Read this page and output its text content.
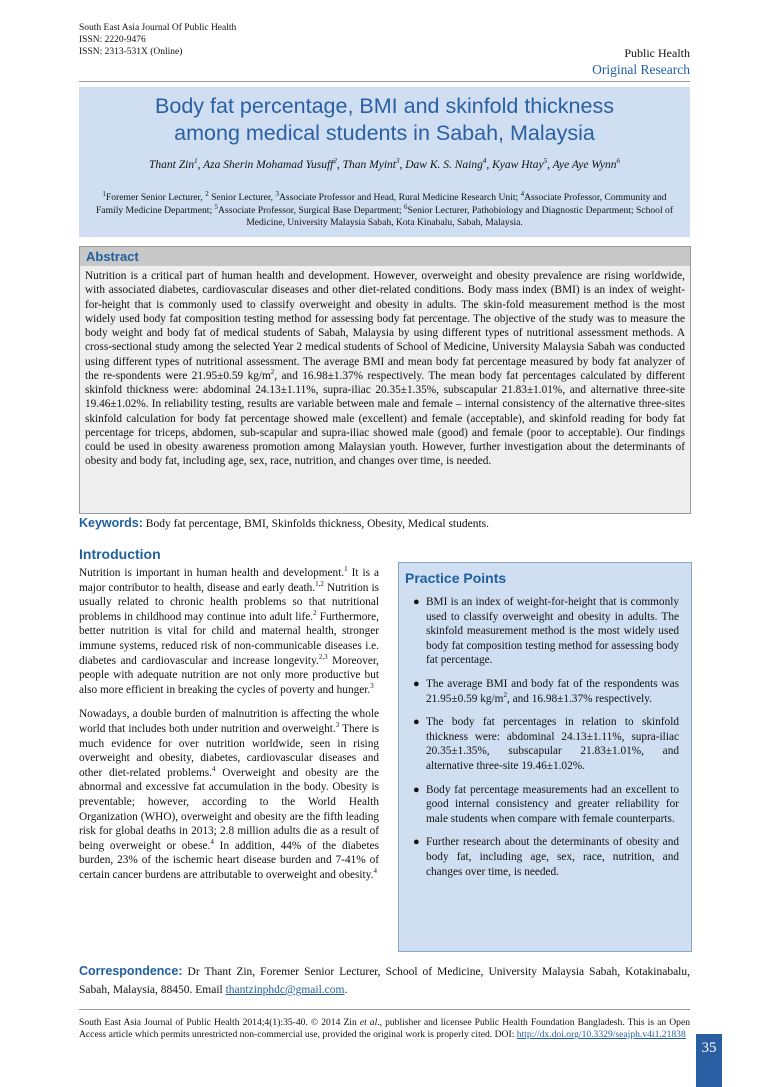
South East Asia Journal Of Public Health
ISSN: 2220-9476
ISSN: 2313-531X (Online)	Public Health
Original Research
Body fat percentage, BMI and skinfold thickness
among medical students in Sabah, Malaysia
Thant Zin$^1$, Aza Sherin Mohamad Yusuff$^2$, Than Myint$^3$, Daw K. S. Naing$^4$, Kyaw Htay$^5$, Aye Aye Wynn$^6$
$^1$Foremer Senior Lecturer, $^2$ Senior Lecturer, $^3$Associate Professor and Head, Rural Medicine Research Unit; $^4$Associate Professor, Community and Family Medicine Department; $^5$Associate Professor, Surgical Base Department; $^6$Senior Lecturer, Pathobiology and Diagnostic Department; School of Medicine, University Malaysia Sabah, Kota Kinabalu, Sabah, Malaysia.
Abstract
Nutrition is a critical part of human health and development. However, overweight and obesity prevalence are rising worldwide, with associated diabetes, cardiovascular diseases and other diet-related conditions. Body mass index (BMI) is an index of weight-for-height that is commonly used to classify overweight and obesity in adults. The skin-fold measurement method is the most widely used body fat composition testing method for assessing body fat percentage. The objective of the study was to measure the body weight and body fat of medical students of Sabah, Malaysia by using different types of nutritional assessment methods. A cross-sectional study among the selected Year 2 medical students of School of Medicine, University Malaysia Sabah was conducted using different types of nutritional assessment. The average BMI and mean body fat percentage measured by body fat analyzer of the re-spondents were 21.95±0.59 $kg/m^2$, and 16.98±1.37% respectively. The mean body fat percentages calculated by different skinfold thickness were: abdominal 24.13±1.11%, supra-iliac 20.35±1.35%, subscapular 21.83±1.01%, and alternative three-site 19.46±1.02%. In reliability testing, results are variable between male and female – internal consistency of the alternative three-sites skinfold calculation for body fat percentage showed male (excellent) and female (acceptable), and skinfold reading for body fat percentage for triceps, abdomen, sub-scapular and supra-iliac showed male (good) and female (poor to acceptable). Our findings could be used in obesity awareness promotion among Malaysian youth. However, further investigation about the determinants of obesity and body fat, including age, sex, race, nutrition, and changes over time, is needed.
Keywords: Body fat percentage, BMI, Skinfolds thickness, Obesity, Medical students.
Introduction

Nutrition is important in human health and development.$^1$ It is a major contributor to health, disease and early death.$^{1,2}$ Nutrition is usually related to chronic health problems so that nutritional problems in childhood may continue into adult life.$^2$ Furthermore, better nutrition is vital for child and maternal health, stronger immune systems, reduced risk of non-communicable diseases i.e. diabetes and cardiovascular and increase longevity.$^{2,3}$ Moreover, people with adequate nutrition are not only more productive but also more efficient in breaking the cycles of poverty and hunger.$^3$

Nowadays, a double burden of malnutrition is affecting the whole world that includes both under nutrition and overweight.$^3$ There is much evidence for over nutrition worldwide, seen in rising overweight and obesity, diabetes, cardiovascular diseases and other diet-related problems.$^4$ Overweight and obesity are the abnormal and excessive fat accumulation in the body. Obesity is preventable; however, according to the World Health Organization (WHO), overweight and obesity are the fifth leading risk for global deaths in 2013; 2.8 million adults die as a result of being overweight or obese.$^4$ In addition, 44% of the diabetes burden, 23% of the ischemic heart disease burden and 7-41% of certain cancer burdens are attributable to overweight and obesity.$^4$

Practice Points
● BMI is an index of weight-for-height that is commonly used to classify overweight and obesity in adults. The skinfold measurement method is the most widely used body fat composition testing method for assessing body fat percentage.
● The average BMI and body fat of the respondents was 21.95±0.59 $kg/m^2$, and 16.98±1.37% respectively.
● The body fat percentages in relation to skinfold thickness were: abdominal 24.13±1.11%, supra-iliac 20.35±1.35%, subscapular 21.83±1.01%, and alternative three-site 19.46±1.02%.
● Body fat percentage measurements had an excellent to good internal consistency and greater reliability for male students when compare with female counterparts.
● Further research about the determinants of obesity and body fat, including age, sex, race, nutrition, and changes over time, is needed.
Correspondence: Dr Thant Zin, Foremer Senior Lecturer, School of Medicine, University Malaysia Sabah, Kotakinabalu, Sabah, Malaysia, 88450. Email thantzinphdc@gmail.com.
South East Asia Journal of Public Health 2014;4(1):35-40. © 2014 Zin et al., publisher and licensee Public Health Foundation Bangladesh. This is an Open Access article which permits unrestricted non-commercial use, provided the original work is properly cited. DOI: http://dx.doi.org/10.3329/seajph.v4i1.21838
35
